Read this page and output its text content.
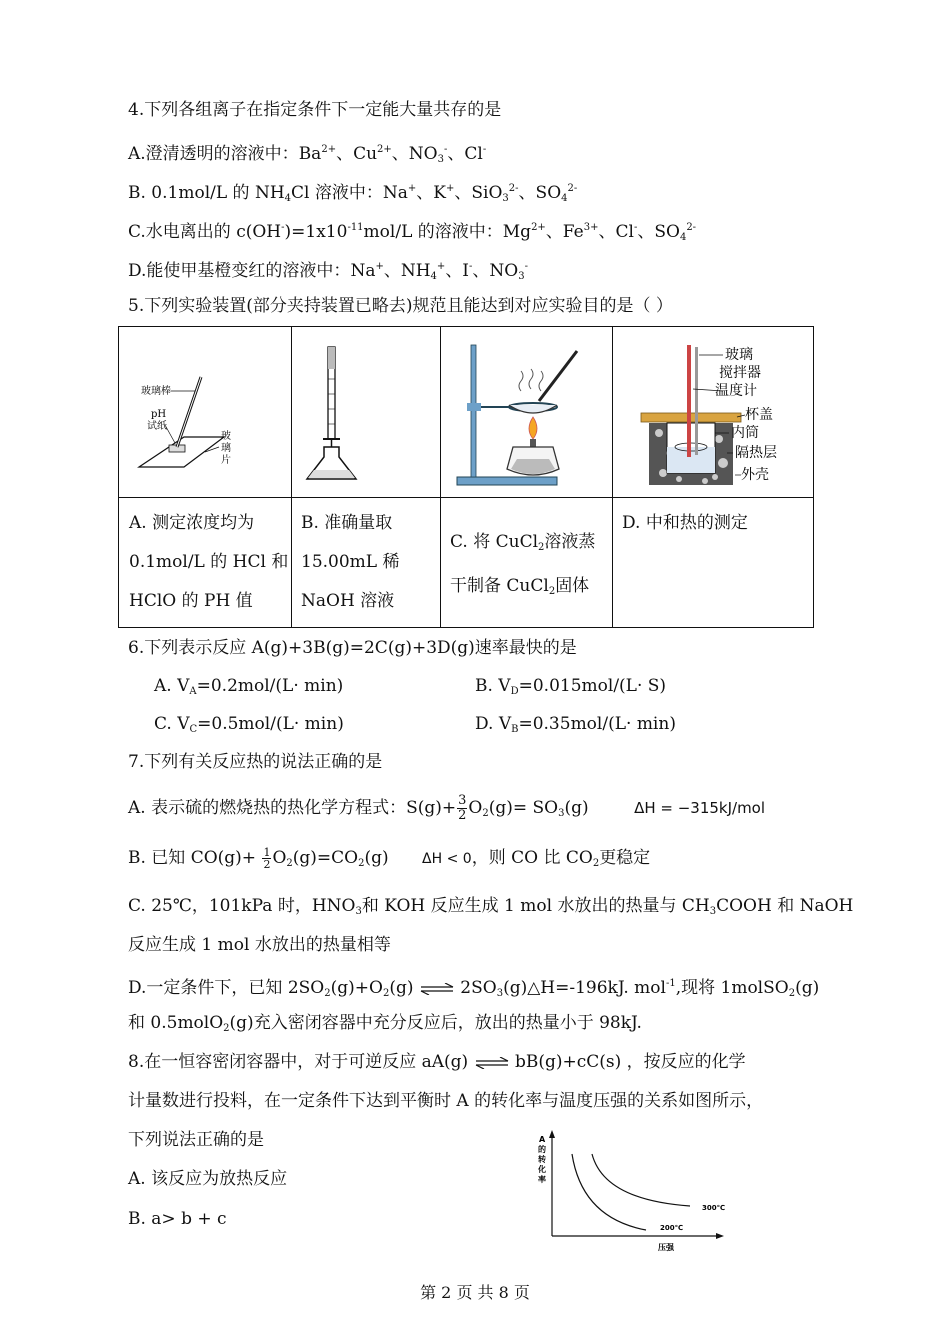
4.下列各组离子在指定条件下一定能大量共存的是
A.澄清透明的溶液中：$Ba^{2+}$、$Cu^{2+}$、$NO_3^-$、Cl-
B. 0.1mol/L 的 $NH_4Cl$ 溶液中：Na+、K+、SiO$_3^{2-}$、$SO_4^{2-}$
C.水电离出的 $c(OH^-)=1x10^{-11}mol/L$ 的溶液中：$Mg^{2+}$、$Fe^{3+}$、Cl-、$SO_4^{2-}$
D.能使甲基橙变红的溶液中：Na+、$NH_4^+$、I-、$NO_3^-$
5.下列实验装置(部分夹持装置已略去)规范且能达到对应实验目的是（ ）
玻璃棒
pH
试纸
玻
璃
片
玻璃
搅拌器
温度计
杯盖
内筒
隔热层
外壳
A. 测定浓度均为
0.1mol/L 的 HCl 和
HClO 的 PH 值
B. 准确量取
15.00mL 稀
NaOH 溶液
C. 将 CuCl$_2$溶液蒸
干制备 CuCl$_2$固体
D. 中和热的测定
6.下列表示反应 A(g)+3B(g)=2C(g)+3D(g)速率最快的是
A. $V_A=0.2mol/(L\cdot \min)$	B. $V_D=0.015mol/(L\cdot S)$
C. $V_C=0.5mol/(L\cdot \min)$	D. $V_B=0.35mol/(L\cdot \min)$
7.下列有关反应热的说法正确的是
A. 表示硫的燃烧热的热化学方程式：$S(g)+ \frac{3}{2} O_2(g)= SO_3(g)$	ΔH = −315kJ/mol
B. 已知 $CO(g)+ \frac{1}{2} O_2(g)=CO_2(g) \Delta H < 0$，则 CO 比 $CO_2$更稳定
C. 25℃，101kPa 时，$HNO_3$和 KOH 反应生成 1 mol 水放出的热量与 $CH_3COOH$ 和 NaOH
反应生成 1 mol 水放出的热量相等
D.一定条件下，已知 $2SO_2(g)+O_2(g)$ ⇌ $2SO_3(g)\triangle H=-196kJ$. mol$^{-1}$,现将 1molSO$_2$(g)
和 0.5molO$_2$(g)充入密闭容器中充分反应后，放出的热量小于 98kJ.
8.在一恒容密闭容器中，对于可逆反应 aA(g) ⇌ bB(g)+cC(s) ，按反应的化学
计量数进行投料，在一定条件下达到平衡时 A 的转化率与温度压强的关系如图所示，
下列说法正确的是
A. 该反应为放热反应
B. a> b + c
A
的
转
化
率
300℃
200℃
压强
第 2 页 共 8 页
